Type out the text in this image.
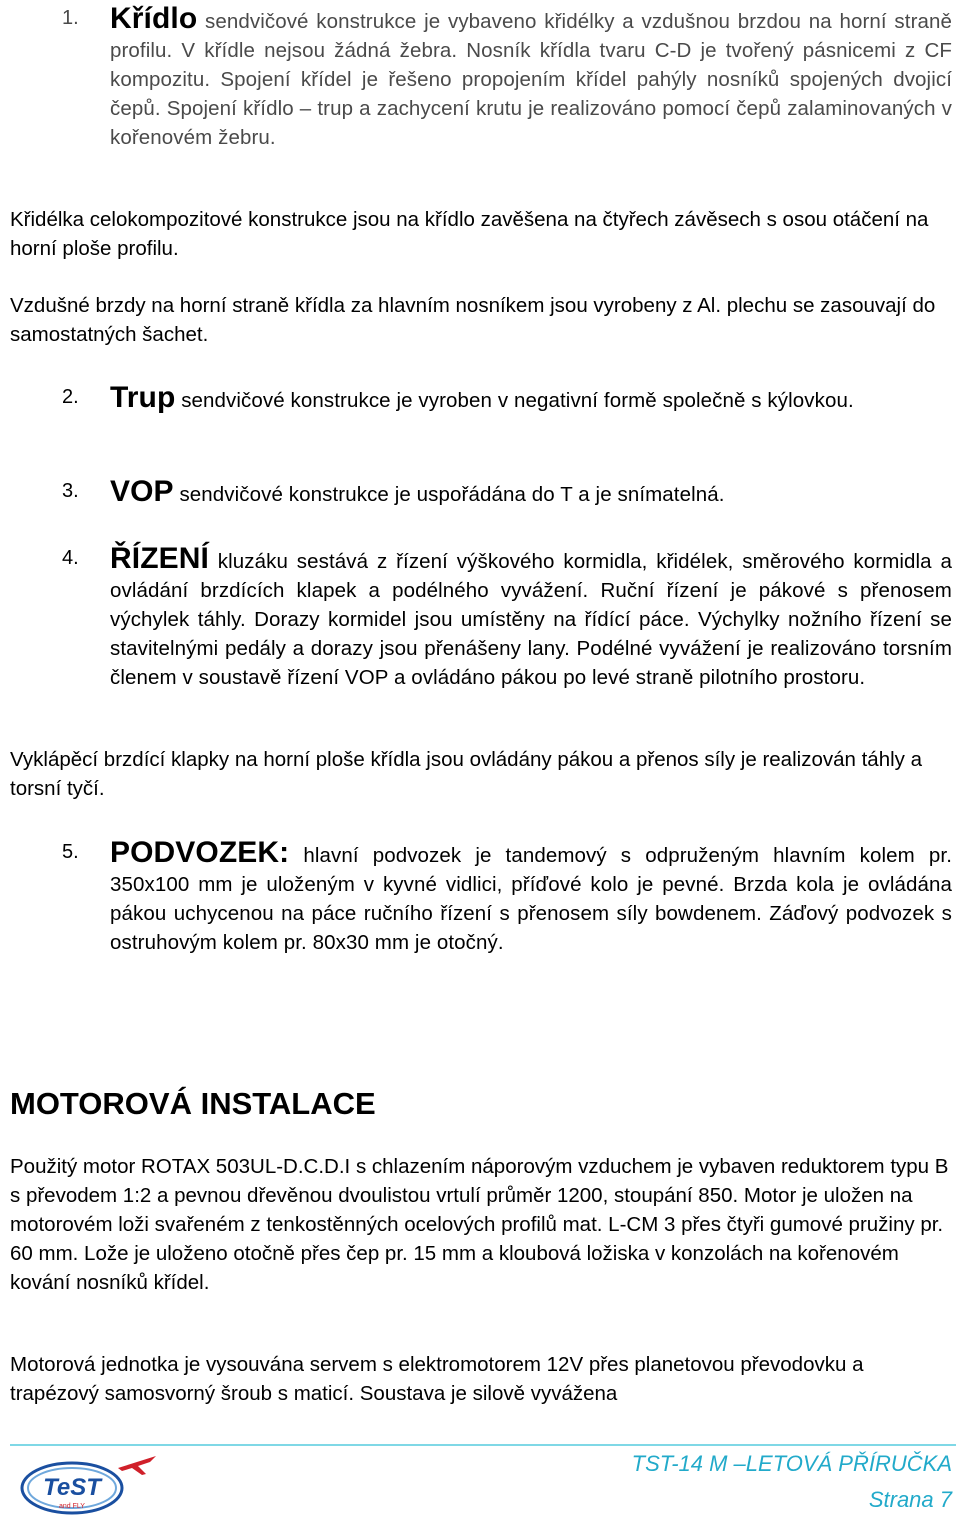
1. Křídlo sendvičové konstrukce je vybaveno křidélky a vzdušnou brzdou na horní straně profilu. V křídle nejsou žádná žebra. Nosník křídla tvaru C-D je tvořený pásnicemi z CF kompozitu. Spojení křídel je řešeno propojením křídel pahýly nosníků spojených dvojicí čepů. Spojení křídlo – trup a zachycení krutu je realizováno pomocí čepů zalaminovaných v kořenovém žebru.
Křidélka celokompozitové konstrukce jsou na křídlo zavěšena na čtyřech závěsech s osou otáčení na horní ploše profilu.
Vzdušné brzdy na horní straně křídla za hlavním nosníkem jsou vyrobeny z Al. plechu se zasouvají do samostatných šachet.
2. Trup sendvičové konstrukce je vyroben v negativní formě společně s kýlovkou.
3. VOP sendvičové konstrukce je uspořádána do T a je snímatelná.
4. ŘÍZENÍ kluzáku sestává z řízení výškového kormidla, křidélek, směrového kormidla a ovládání brzdících klapek a podélného vyvážení. Ruční řízení je pákové s přenosem výchylek táhly. Dorazy kormidel jsou umístěny na řídící páce. Výchylky nožního řízení se stavitelnými pedály a dorazy jsou přenášeny lany. Podélné vyvážení je realizováno torsním členem v soustavě řízení VOP a ovládáno pákou po levé straně pilotního prostoru.
Vyklápěcí brzdící klapky na horní ploše křídla jsou ovládány pákou a přenos síly je realizován táhly a torsní tyčí.
5. PODVOZEK: hlavní podvozek je tandemový s odpruženým hlavním kolem pr. 350x100 mm je uloženým v kyvné vidlici, příďové kolo je pevné. Brzda kola je ovládána pákou uchycenou na páce ručního řízení s přenosem síly bowdenem. Záďový podvozek s ostruhovým kolem pr. 80x30 mm je otočný.
MOTOROVÁ INSTALACE
Použitý motor ROTAX 503UL-D.C.D.I s chlazením náporovým vzduchem je vybaven reduktorem typu B s převodem 1:2 a pevnou dřevěnou dvoulistou vrtulí průměr 1200, stoupání 850. Motor je uložen na motorovém loži svařeném z tenkostěnných ocelových profilů mat. L-CM 3 přes čtyři gumové pružiny pr. 60 mm. Lože je uloženo otočně přes čep pr. 15 mm a kloubová ložiska v konzolách na kořenovém kování nosníků křídel.
Motorová jednotka je vysouvána servem s elektromotorem 12V přes planetovou převodovku a trapézový samosvorný šroub s maticí. Soustava je silově vyvážena
TeST
and FLY
TST-14 M –LETOVÁ PŘÍRUČKA
Strana 7
